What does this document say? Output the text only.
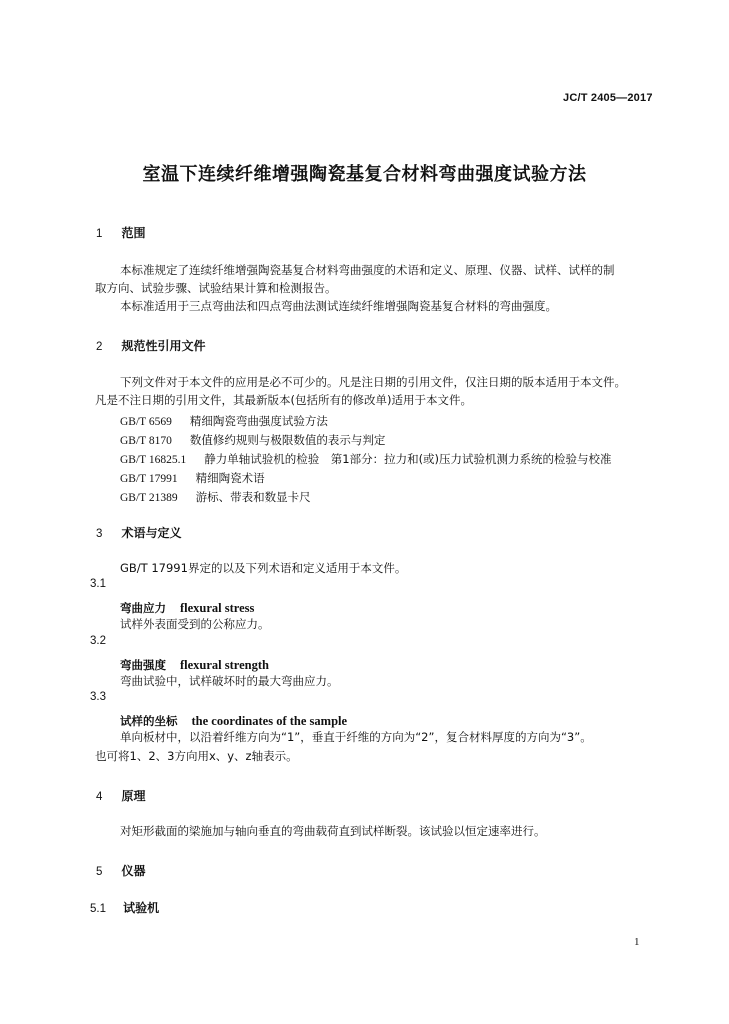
JC/T 2405—2017
室温下连续纤维增强陶瓷基复合材料弯曲强度试验方法
1 范围
本标准规定了连续纤维增强陶瓷基复合材料弯曲强度的术语和定义、原理、仪器、试样、试样的制
取方向、试验步骤、试验结果计算和检测报告。
本标准适用于三点弯曲法和四点弯曲法测试连续纤维增强陶瓷基复合材料的弯曲强度。
2 规范性引用文件
下列文件对于本文件的应用是必不可少的。凡是注日期的引用文件，仅注日期的版本适用于本文件。
凡是不注日期的引用文件，其最新版本(包括所有的修改单)适用于本文件。
GB/T 6569 精细陶瓷弯曲强度试验方法
GB/T 8170 数值修约规则与极限数值的表示与判定
GB/T 16825.1 静力单轴试验机的检验　第1部分：拉力和(或)压力试验机测力系统的检验与校准
GB/T 17991 精细陶瓷术语
GB/T 21389 游标、带表和数显卡尺
3 术语与定义
GB/T 17991界定的以及下列术语和定义适用于本文件。
3.1
弯曲应力 flexural stress
试样外表面受到的公称应力。
3.2
弯曲强度 flexural strength
弯曲试验中，试样破坏时的最大弯曲应力。
3.3
试样的坐标 the coordinates of the sample
单向板材中，以沿着纤维方向为“1”，垂直于纤维的方向为“2”，复合材料厚度的方向为“3”。
也可将1、2、3方向用x、y、z轴表示。
4 原理
对矩形截面的梁施加与轴向垂直的弯曲载荷直到试样断裂。该试验以恒定速率进行。
5 仪器
5.1 试验机
1
